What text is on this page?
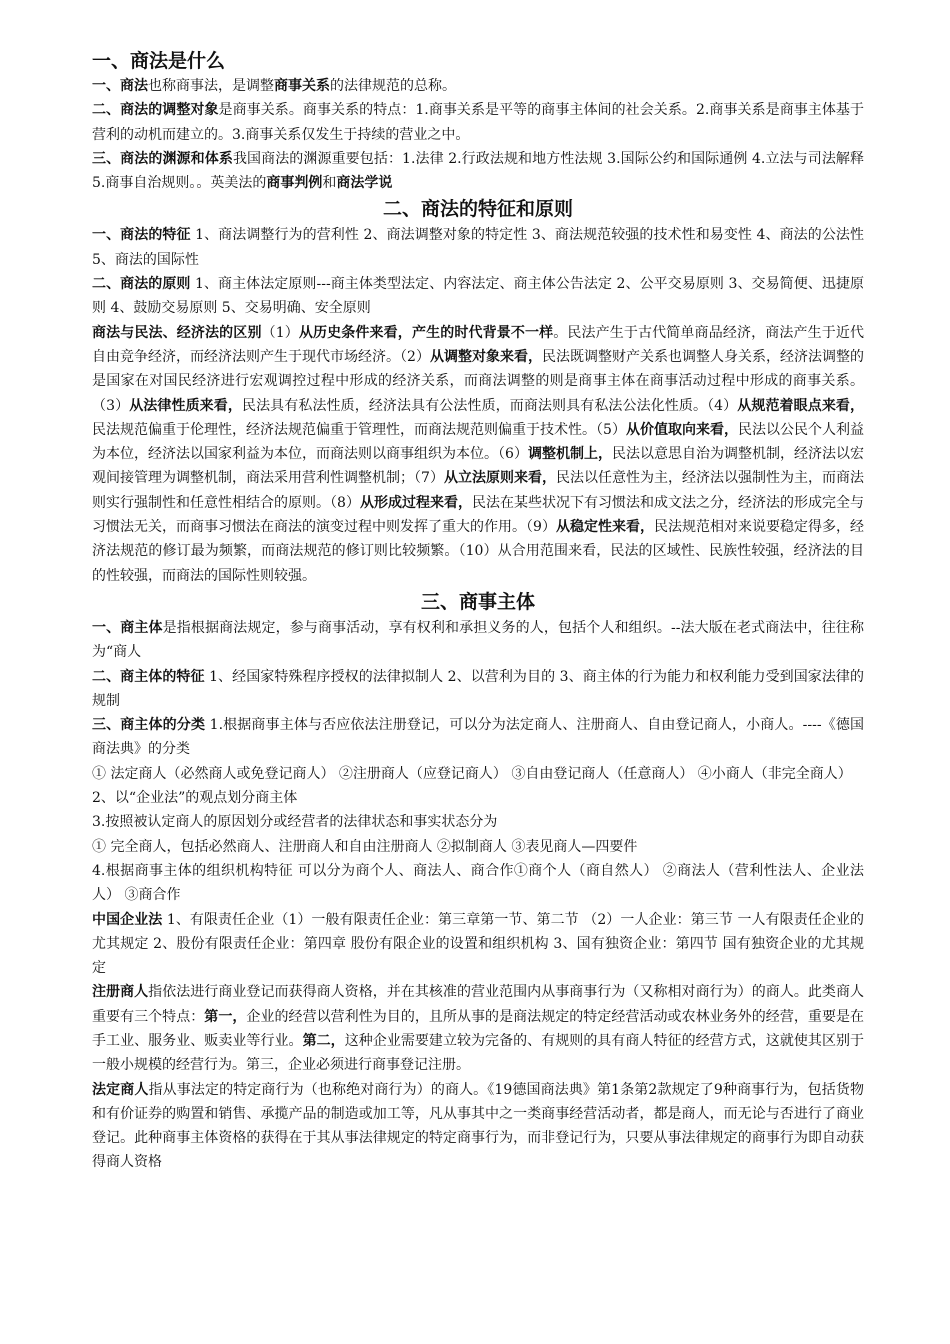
一、商法是什么

一、商法也称商事法，是调整商事关系的法律规范的总称。

二、商法的调整对象是商事关系。商事关系的特点：1.商事关系是平等的商事主体间的社会关系。2.商事关系是商事主体基于营利的动机而建立的。3.商事关系仅发生于持续的营业之中。

三、商法的渊源和体系我国商法的渊源重要包括：1.法律 2.行政法规和地方性法规 3.国际公约和国际通例 4.立法与司法解释 5.商事自治规则。。英美法的商事判例和商法学说

二、商法的特征和原则

一、商法的特征 1、商法调整行为的营利性 2、商法调整对象的特定性 3、商法规范较强的技术性和易变性 4、商法的公法性 5、商法的国际性

二、商法的原则 1、商主体法定原则---商主体类型法定、内容法定、商主体公告法定 2、公平交易原则 3、交易简便、迅捷原则 4、鼓励交易原则 5、交易明确、安全原则

商法与民法、经济法的区别（1）从历史条件来看，产生的时代背景不一样。民法产生于古代简单商品经济，商法产生于近代自由竞争经济，而经济法则产生于现代市场经济。（2）从调整对象来看，民法既调整财产关系也调整人身关系，经济法调整的是国家在对国民经济进行宏观调控过程中形成的经济关系，而商法调整的则是商事主体在商事活动过程中形成的商事关系。（3）从法律性质来看，民法具有私法性质，经济法具有公法性质，而商法则具有私法公法化性质。（4）从规范着眼点来看，民法规范偏重于伦理性，经济法规范偏重于管理性，而商法规范则偏重于技术性。（5）从价值取向来看，民法以公民个人利益为本位，经济法以国家利益为本位，而商法则以商事组织为本位。（6）调整机制上，民法以意思自治为调整机制，经济法以宏观间接管理为调整机制，商法采用营利性调整机制；（7）从立法原则来看，民法以任意性为主，经济法以强制性为主，而商法则实行强制性和任意性相结合的原则。（8）从形成过程来看，民法在某些状况下有习惯法和成文法之分，经济法的形成完全与习惯法无关，而商事习惯法在商法的演变过程中则发挥了重大的作用。（9）从稳定性来看，民法规范相对来说要稳定得多，经济法规范的修订最为频繁，而商法规范的修订则比较频繁。（10）从合用范围来看，民法的区域性、民族性较强，经济法的目的性较强，而商法的国际性则较强。

三、商事主体

一、商主体是指根据商法规定，参与商事活动，享有权利和承担义务的人，包括个人和组织。--法大版在老式商法中，往往称为“商人

二、商主体的特征 1、经国家特殊程序授权的法律拟制人 2、以营利为目的 3、商主体的行为能力和权利能力受到国家法律的规制

三、商主体的分类 1.根据商事主体与否应依法注册登记，可以分为法定商人、注册商人、自由登记商人，小商人。----《德国商法典》的分类

① 法定商人（必然商人或免登记商人） ②注册商人（应登记商人） ③自由登记商人（任意商人） ④小商人（非完全商人）

2、以“企业法”的观点划分商主体

3.按照被认定商人的原因划分或经营者的法律状态和事实状态分为

① 完全商人，包括必然商人、注册商人和自由注册商人 ②拟制商人 ③表见商人—四要件

4.根据商事主体的组织机构特征 可以分为商个人、商法人、商合作①商个人（商自然人） ②商法人（营利性法人、企业法人） ③商合作

中国企业法 1、有限责任企业（1）一般有限责任企业：第三章第一节、第二节 （2）一人企业：第三节 一人有限责任企业的尤其规定 2、股份有限责任企业：第四章 股份有限企业的设置和组织机构 3、国有独资企业：第四节 国有独资企业的尤其规定

注册商人指依法进行商业登记而获得商人资格，并在其核准的营业范围内从事商事行为（又称相对商行为）的商人。此类商人重要有三个特点：第一，企业的经营以营利性为目的，且所从事的是商法规定的特定经营活动或农林业务外的经营，重要是在手工业、服务业、贩卖业等行业。第二，这种企业需要建立较为完备的、有规则的具有商人特征的经营方式，这就使其区别于一般小规模的经营行为。第三，企业必须进行商事登记注册。

法定商人指从事法定的特定商行为（也称绝对商行为）的商人。《19德国商法典》第1条第2款规定了9种商事行为，包括货物和有价证券的购置和销售、承揽产品的制造或加工等，凡从事其中之一类商事经营活动者，都是商人，而无论与否进行了商业登记。此种商事主体资格的获得在于其从事法律规定的特定商事行为，而非登记行为，只要从事法律规定的商事行为即自动获得商人资格
